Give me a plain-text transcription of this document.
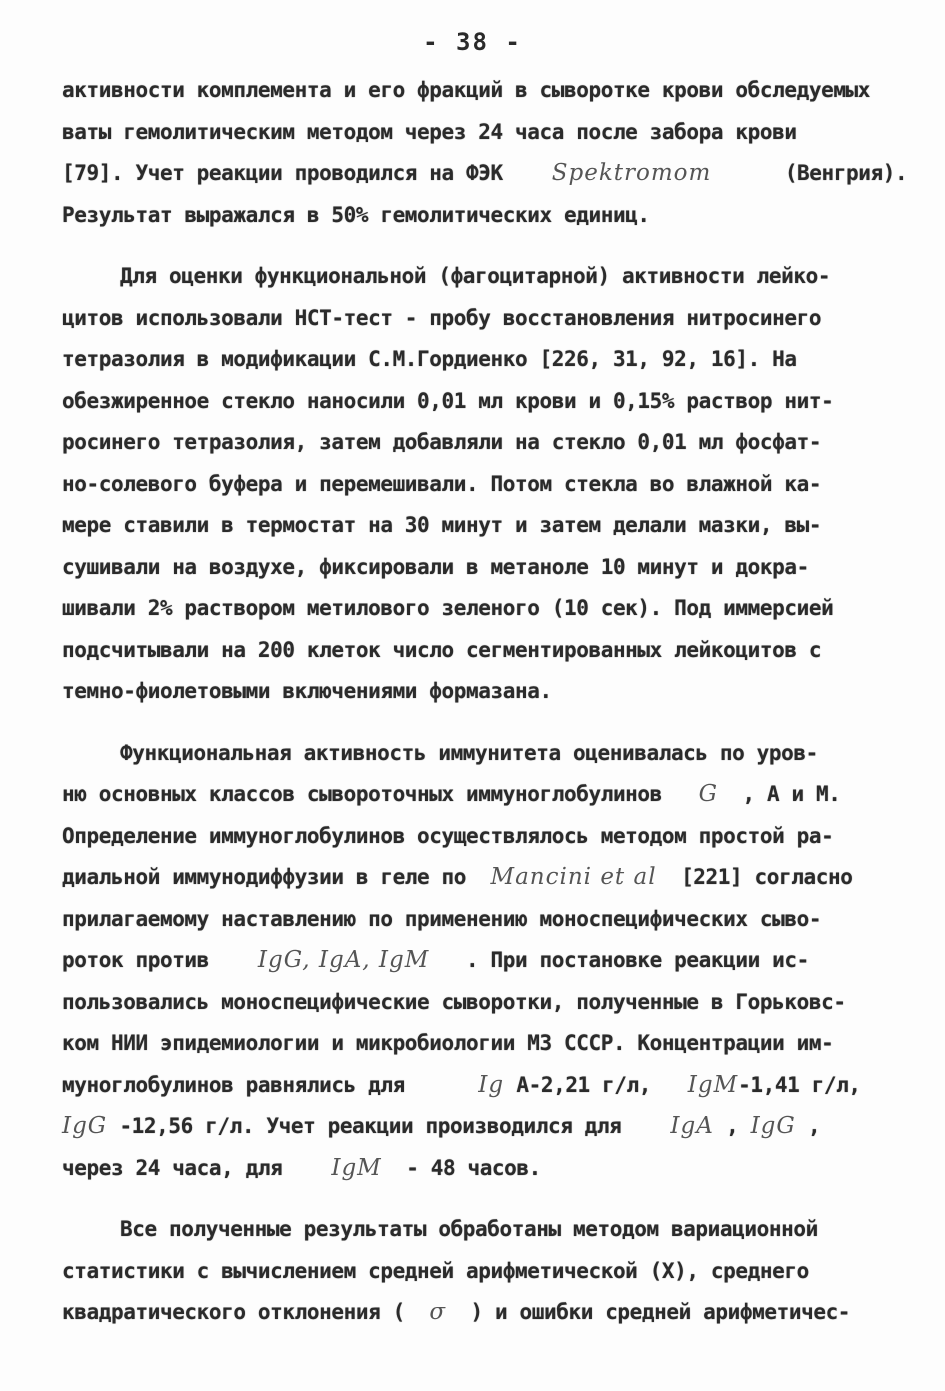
- 38 -
активности комплемента и его фракций в сыворотке крови обследуемых
ваты гемолитическим методом через 24 часа после забора крови
[79]. Учет реакции проводился на ФЭК Spektromom	(Венгрия).
Результат выражался в 50% гемолитических единиц.
Для оценки функциональной (фагоцитарной) активности лейко-
цитов использовали НСТ-тест - пробу восстановления нитросинего
тетразолия в модификации С.М.Гордиенко [226, 31, 92, 16]. На
обезжиренное стекло наносили 0,01 мл крови и 0,15% раствор нит-
росинего тетразолия, затем добавляли на стекло 0,01 мл фосфат-
но-солевого буфера и перемешивали. Потом стекла во влажной ка-
мере ставили в термостат на 30 минут и затем делали мазки, вы-
сушивали на воздухе, фиксировали в метаноле 10 минут и докра-
шивали 2% раствором метилового зеленого (10 сек). Под иммерсией
подсчитывали на 200 клеток число сегментированных лейкоцитов с
темно-фиолетовыми включениями формазана.
Функциональная активность иммунитета оценивалась по уров-
ню основных классов сывороточных иммуноглобулинов G , А и М.
Определение иммуноглобулинов осуществлялось методом простой ра-
диальной иммунодиффузии в геле по Mancini et al [221] согласно
прилагаемому наставлению по применению моноспецифических сыво-
роток против IgG, IgA, IgM . При постановке реакции ис-
пользовались моноспецифические сыворотки, полученные в Горьковс-
ком НИИ эпидемиологии и микробиологии МЗ СССР. Концентрации им-
муноглобулинов равнялись для	Ig А-2,21 г/л, IgM-1,41 г/л,
IgG -12,56 г/л. Учет реакции производился для IgA , IgG ,
через 24 часа, для IgM - 48 часов.
Все полученные результаты обработаны методом вариационной
статистики с вычислением средней арифметической (X), среднего
квадратического отклонения ( σ ) и ошибки средней арифметичес-
